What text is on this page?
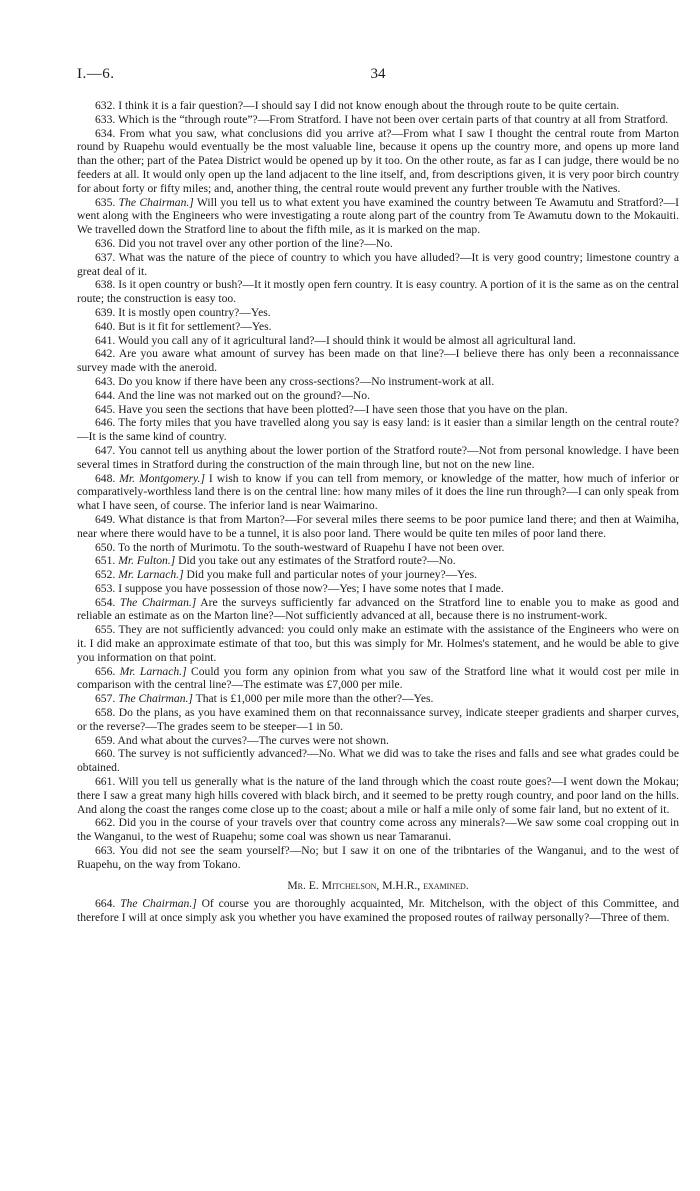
I.—6.	34

632. I think it is a fair question?—I should say I did not know enough about the through route to be quite certain.

633. Which is the “through route”?—From Stratford. I have not been over certain parts of that country at all from Stratford.

634. From what you saw, what conclusions did you arrive at?—From what I saw I thought the central route from Marton round by Ruapehu would eventually be the most valuable line, because it opens up the country more, and opens up more land than the other; part of the Patea District would be opened up by it too. On the other route, as far as I can judge, there would be no feeders at all. It would only open up the land adjacent to the line itself, and, from descriptions given, it is very poor birch country for about forty or fifty miles; and, another thing, the central route would prevent any further trouble with the Natives.

635. The Chairman.] Will you tell us to what extent you have examined the country between Te Awamutu and Stratford?—I went along with the Engineers who were investigating a route along part of the country from Te Awamutu down to the Mokauiti. We travelled down the Stratford line to about the fifth mile, as it is marked on the map.

636. Did you not travel over any other portion of the line?—No.

637. What was the nature of the piece of country to which you have alluded?—It is very good country; limestone country a great deal of it.

638. Is it open country or bush?—It it mostly open fern country. It is easy country. A portion of it is the same as on the central route; the construction is easy too.

639. It is mostly open country?—Yes.

640. But is it fit for settlement?—Yes.

641. Would you call any of it agricultural land?—I should think it would be almost all agricultural land.

642. Are you aware what amount of survey has been made on that line?—I believe there has only been a reconnaissance survey made with the aneroid.

643. Do you know if there have been any cross-sections?—No instrument-work at all.

644. And the line was not marked out on the ground?—No.

645. Have you seen the sections that have been plotted?—I have seen those that you have on the plan.

646. The forty miles that you have travelled along you say is easy land: is it easier than a similar length on the central route?—It is the same kind of country.

647. You cannot tell us anything about the lower portion of the Stratford route?—Not from personal knowledge. I have been several times in Stratford during the construction of the main through line, but not on the new line.

648. Mr. Montgomery.] I wish to know if you can tell from memory, or knowledge of the matter, how much of inferior or comparatively-worthless land there is on the central line: how many miles of it does the line run through?—I can only speak from what I have seen, of course. The inferior land is near Waimarino.

649. What distance is that from Marton?—For several miles there seems to be poor pumice land there; and then at Waimiha, near where there would have to be a tunnel, it is also poor land. There would be quite ten miles of poor land there.

650. To the north of Murimotu. To the south-westward of Ruapehu I have not been over.

651. Mr. Fulton.] Did you take out any estimates of the Stratford route?—No.

652. Mr. Larnach.] Did you make full and particular notes of your journey?—Yes.

653. I suppose you have possession of those now?—Yes; I have some notes that I made.

654. The Chairman.] Are the surveys sufficiently far advanced on the Stratford line to enable you to make as good and reliable an estimate as on the Marton line?—Not sufficiently advanced at all, because there is no instrument-work.

655. They are not sufficiently advanced: you could only make an estimate with the assistance of the Engineers who were on it. I did make an approximate estimate of that too, but this was simply for Mr. Holmes's statement, and he would be able to give you information on that point.

656. Mr. Larnach.] Could you form any opinion from what you saw of the Stratford line what it would cost per mile in comparison with the central line?—The estimate was £7,000 per mile.

657. The Chairman.] That is £1,000 per mile more than the other?—Yes.

658. Do the plans, as you have examined them on that reconnaissance survey, indicate steeper gradients and sharper curves, or the reverse?—The grades seem to be steeper—1 in 50.

659. And what about the curves?—The curves were not shown.

660. The survey is not sufficiently advanced?—No. What we did was to take the rises and falls and see what grades could be obtained.

661. Will you tell us generally what is the nature of the land through which the coast route goes?—I went down the Mokau; there I saw a great many high hills covered with black birch, and it seemed to be pretty rough country, and poor land on the hills. And along the coast the ranges come close up to the coast; about a mile or half a mile only of some fair land, but no extent of it.

662. Did you in the course of your travels over that country come across any minerals?—We saw some coal cropping out in the Wanganui, to the west of Ruapehu; some coal was shown us near Tamaranui.

663. You did not see the seam yourself?—No; but I saw it on one of the tribntaries of the Wanganui, and to the west of Ruapehu, on the way from Tokano.

Mr. E. Mitchelson, M.H.R., examined.

664. The Chairman.] Of course you are thoroughly acquainted, Mr. Mitchelson, with the object of this Committee, and therefore I will at once simply ask you whether you have examined the proposed routes of railway personally?—Three of them.
